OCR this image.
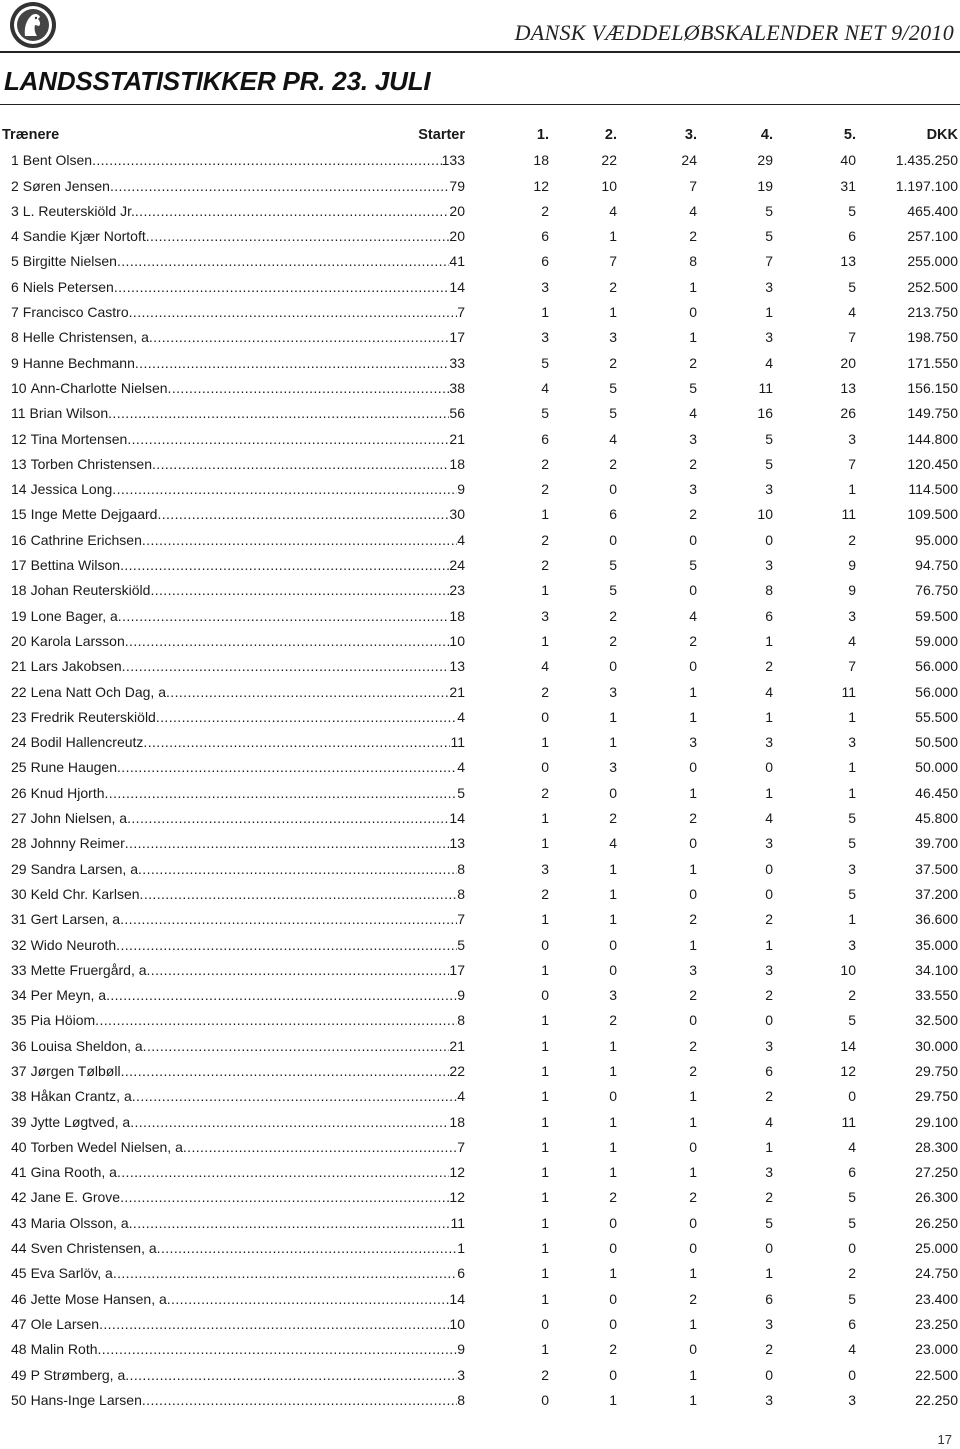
DANSK VÆDDELØBSKALENDER NET 9/2010
LANDSSTATISTIKKER PR. 23. JULI
Trænere Starter	1.	2.	3.	4.	5.	DKK

1 Bent Olsen ..... 133	18	22	24	29	40	1.435.250

2 Søren Jensen ..... 79	12	10	7	19	31	1.197.100

3 L. Reuterskiöld Jr. ..... 20	2	4	4	5	5	465.400

4 Sandie Kjær Nortoft ..... 20	6	1	2	5	6	257.100

5 Birgitte Nielsen ..... 41	6	7	8	7	13	255.000

6 Niels Petersen ..... 14	3	2	1	3	5	252.500

7 Francisco Castro ..... 7	1	1	0	1	4	213.750

8 Helle Christensen, a ..... 17	3	3	1	3	7	198.750

9 Hanne Bechmann ..... 33	5	2	2	4	20	171.550

10 Ann-Charlotte Nielsen ..... 38	4	5	5	11	13	156.150

11 Brian Wilson ..... 56	5	5	4	16	26	149.750

12 Tina Mortensen ..... 21	6	4	3	5	3	144.800

13 Torben Christensen ..... 18	2	2	2	5	7	120.450

14 Jessica Long ..... 9	2	0	3	3	1	114.500

15 Inge Mette Dejgaard ..... 30	1	6	2	10	11	109.500

16 Cathrine Erichsen ..... 4	2	0	0	0	2	95.000

17 Bettina Wilson ..... 24	2	5	5	3	9	94.750

18 Johan Reuterskiöld ..... 23	1	5	0	8	9	76.750

19 Lone Bager, a ..... 18	3	2	4	6	3	59.500

20 Karola Larsson ..... 10	1	2	2	1	4	59.000

21 Lars Jakobsen ..... 13	4	0	0	2	7	56.000

22 Lena Natt Och Dag, a ..... 21	2	3	1	4	11	56.000

23 Fredrik Reuterskiöld ..... 4	0	1	1	1	1	55.500

24 Bodil Hallencreutz ..... 11	1	1	3	3	3	50.500

25 Rune Haugen ..... 4	0	3	0	0	1	50.000

26 Knud Hjorth ..... 5	2	0	1	1	1	46.450

27 John Nielsen, a ..... 14	1	2	2	4	5	45.800

28 Johnny Reimer ..... 13	1	4	0	3	5	39.700

29 Sandra Larsen, a ..... 8	3	1	1	0	3	37.500

30 Keld Chr. Karlsen ..... 8	2	1	0	0	5	37.200

31 Gert Larsen, a ..... 7	1	1	2	2	1	36.600

32 Wido Neuroth ..... 5	0	0	1	1	3	35.000

33 Mette Fruergård, a ..... 17	1	0	3	3	10	34.100

34 Per Meyn, a ..... 9	0	3	2	2	2	33.550

35 Pia Höiom ..... 8	1	2	0	0	5	32.500

36 Louisa Sheldon, a ..... 21	1	1	2	3	14	30.000

37 Jørgen Tølbøll ..... 22	1	1	2	6	12	29.750

38 Håkan Crantz, a ..... 4	1	0	1	2	0	29.750

39 Jytte Løgtved, a ..... 18	1	1	1	4	11	29.100

40 Torben Wedel Nielsen, a ..... 7	1	1	0	1	4	28.300

41 Gina Rooth, a ..... 12	1	1	1	3	6	27.250

42 Jane E. Grove ..... 12	1	2	2	2	5	26.300

43 Maria Olsson, a ..... 11	1	0	0	5	5	26.250

44 Sven Christensen, a ..... 1	1	0	0	0	0	25.000

45 Eva Sarlöv, a ..... 6	1	1	1	1	2	24.750

46 Jette Mose Hansen, a ..... 14	1	0	2	6	5	23.400

47 Ole Larsen ..... 10	0	0	1	3	6	23.250

48 Malin Roth ..... 9	1	2	0	2	4	23.000

49 P Strømberg, a ..... 3	2	0	1	0	0	22.500

50 Hans-Inge Larsen ..... 8	0	1	1	3	3	22.250
17
